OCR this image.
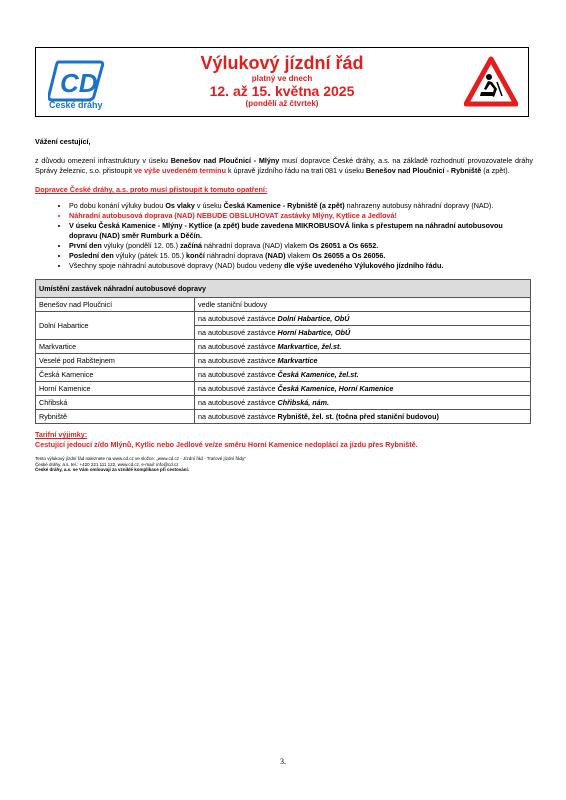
CD
České dráhy
Výlukový jízdní řád
platný ve dnech
12. až 15. května 2025
(pondělí až čtvrtek)

Vážení cestující,

z důvodu omezení infrastruktury v úseku Benešov nad Ploučnicí - Mlýny musí dopravce České dráhy, a.s. na základě rozhodnutí provozovatele dráhy Správy železnic, s.o. přistoupit ve výše uvedeném termínu k úpravě jízdního řádu na trati 081 v úseku Benešov nad Ploučnicí - Rybniště (a zpět).

Dopravce České dráhy, a.s. proto musí přistoupit k tomuto opatření:

• Po dobu konání výluky budou Os vlaky v úseku Česká Kamenice - Rybniště (a zpět) nahrazeny autobusy náhradní dopravy (NAD).
• Náhradní autobusová doprava (NAD) NEBUDE OBSLUHOVAT zastávky Mlýny, Kytlice a Jedlová!
• V úseku Česká Kamenice - Mlýny - Kytlice (a zpět) bude zavedena MIKROBUSOVÁ linka s přestupem na náhradní autobusovou dopravu (NAD) směr Rumburk a Děčín.
• První den výluky (pondělí 12. 05.) začíná náhradní doprava (NAD) vlakem Os 26051 a Os 6652.
• Poslední den výluky (pátek 15. 05.) končí náhradní doprava (NAD) vlakem Os 26055 a Os 26056.
• Všechny spoje náhradní autobusové dopravy (NAD) budou vedeny dle výše uvedeného Výlukového jízdního řádu.
Umístění zastávek náhradní autobusové dopravy	
Benešov nad Ploučnicí	vedle staniční budovy
Dolní Habartice	na autobusové zastávce Dolní Habartice, ObÚ
	na autobusové zastávce Horní Habartice, ObÚ
Markvartice	na autobusové zastávce Markvartice, žel.st.
Veselé pod Rabštejnem	na autobusové zastávce Markvartice
Česká Kamenice	na autobusové zastávce Česká Kamenice, žel.st.
Horní Kamenice	na autobusové zastávce Česká Kamenice, Horní Kamenice
Chřibská	na autobusové zastávce Chřibská, nám.
Rybniště	na autobusové zastávce Rybniště, žel. st. (točna před staniční budovou)
Tarifní výjimky:
Cestující jedoucí z/do Mlýnů, Kytlic nebo Jedlové ve/ze směru Horní Kamenice nedoplácí za jízdu přes Rybniště.
Tento výlukový jízdní řád naleznete na www.cd.cz ve složce: „www.cd.cz - Jízdní řád - Traťové jízdní řády"
České dráhy, a.s. tel.: +420 221 111 122, www.cd.cz, e-mail: info@cd.cz
České dráhy, a.s. se Vám omlouvají za vzniklé komplikace při cestování.
3.
